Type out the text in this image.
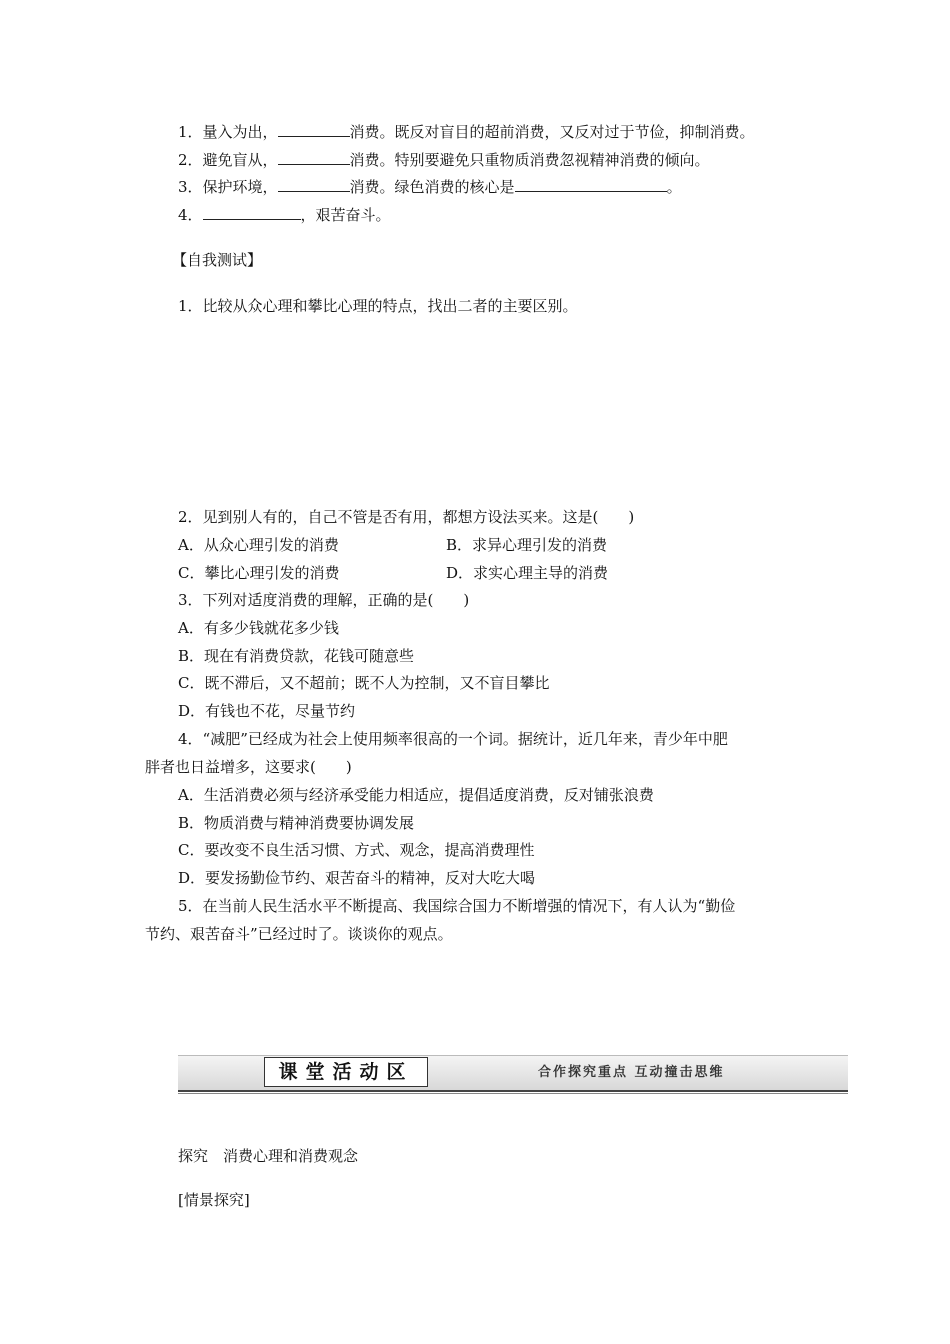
1．量入为出，	消费。既反对盲目的超前消费，又反对过于节俭，抑制消费。
2．避免盲从，	消费。特别要避免只重物质消费忽视精神消费的倾向。
3．保护环境，	消费。绿色消费的核心是	。
4．	，艰苦奋斗。
【自我测试】
1．比较从众心理和攀比心理的特点，找出二者的主要区别。
2．见到别人有的，自己不管是否有用，都想方设法买来。这是(　　)
A．从众心理引发的消费	B．求异心理引发的消费
C．攀比心理引发的消费	D．求实心理主导的消费
3．下列对适度消费的理解，正确的是(　　)
A．有多少钱就花多少钱
B．现在有消费贷款，花钱可随意些
C．既不滞后，又不超前；既不人为控制，又不盲目攀比
D．有钱也不花，尽量节约
4．“减肥”已经成为社会上使用频率很高的一个词。据统计，近几年来，青少年中肥
胖者也日益增多，这要求(　　)
A．生活消费必须与经济承受能力相适应，提倡适度消费，反对铺张浪费
B．物质消费与精神消费要协调发展
C．要改变不良生活习惯、方式、观念，提高消费理性
D．要发扬勤俭节约、艰苦奋斗的精神，反对大吃大喝
5．在当前人民生活水平不断提高、我国综合国力不断增强的情况下，有人认为“勤俭
节约、艰苦奋斗”已经过时了。谈谈你的观点。
课堂活动区	合作探究重点 互动撞击思维
探究　消费心理和消费观念
[情景探究]
